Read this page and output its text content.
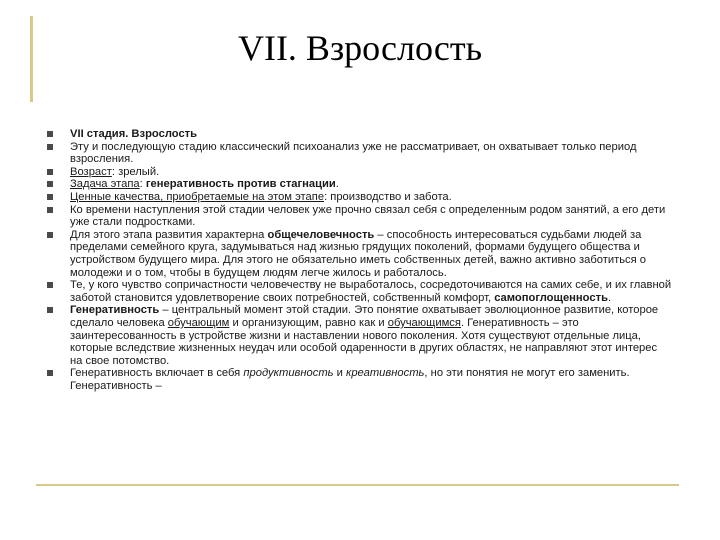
VII. Взрослость
VII стадия. Взрослость
Эту и последующую стадию классический психоанализ уже не рассматривает, он охватывает только период взросления.
Возраст: зрелый.
Задача этапа: генеративность против стагнации.
Ценные качества, приобретаемые на этом этапе: производство и забота.
Ко времени наступления этой стадии человек уже прочно связал себя с определенным родом занятий, а его дети уже стали подростками.
Для этого этапа развития характерна общечеловечность – способность интересоваться судьбами людей за пределами семейного круга, задумываться над жизнью грядущих поколений, формами будущего общества и устройством будущего мира. Для этого не обязательно иметь собственных детей, важно активно заботиться о молодежи и о том, чтобы в будущем людям легче жилось и работалось.
Те, у кого чувство сопричастности человечеству не выработалось, сосредоточиваются на самих себе, и их главной заботой становится удовлетворение своих потребностей, собственный комфорт, самопоглощенность.
Генеративность – центральный момент этой стадии. Это понятие охватывает эволюционное развитие, которое сделало человека обучающим и организующим, равно как и обучающимся. Генеративность – это заинтересованность в устройстве жизни и наставлении нового поколения. Хотя существуют отдельные лица, которые вследствие жизненных неудач или особой одаренности в других областях, не направляют этот интерес на свое потомство.
Генеративность включает в себя продуктивность и креативность, но эти понятия не могут его заменить. Генеративность –
